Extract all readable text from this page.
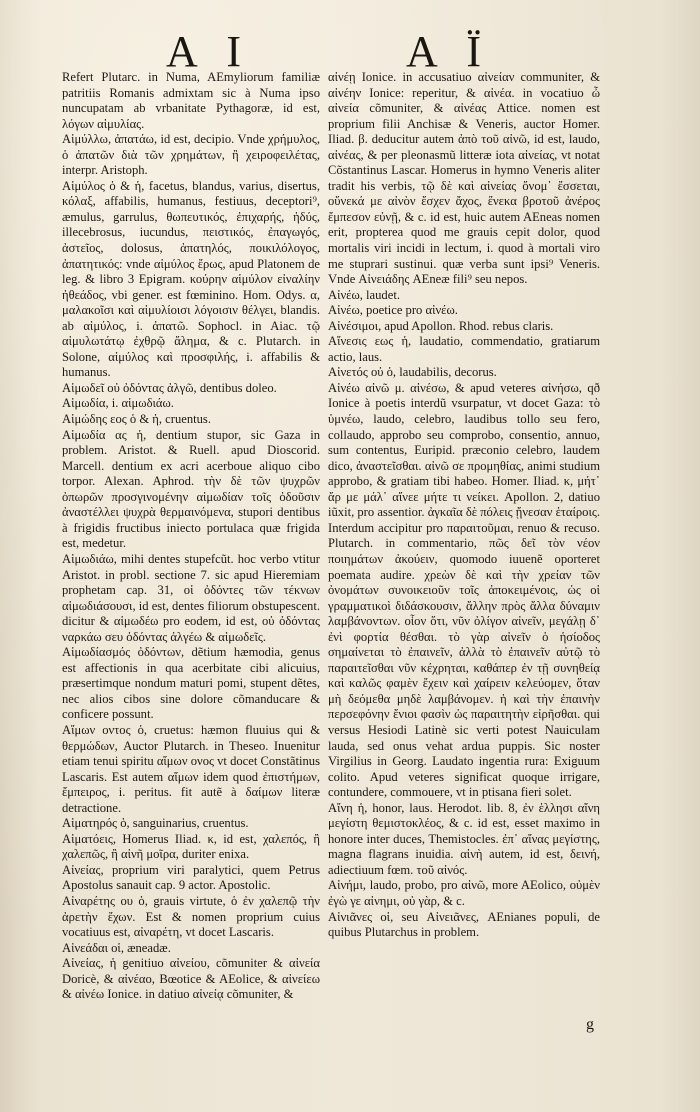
A I	A Ï

Refert Plutarc. in Numa, AEmyliorum familiæ patritiis Romanis admixtam sic à Numa ipso nuncupatam ab vrbanitate Pythagoræ, id est, λόγων αἱμυλίας.

Αἱμύλλω, ἀπατάω, id est, decipio. Vnde χρήμυλος, ὁ ἀπατῶν διὰ τῶν χρημάτων, ἢ χειροφειλέτας, interpr. Aristoph.

Αἱμύλος ὁ & ἡ, facetus, blandus, varius, disertus, κόλαξ, affabilis, humanus, festiuus, deceptori⁹, æmulus, garrulus, θωπευτικός, ἐπιχαρής, ἡδύς, illecebrosus, iucundus, πειστικός, ἐπαγωγός, ἀστεῖος, dolosus, ἀπατηλός, ποικιλόλογος, ἀπατητικός: vnde αἱμύλος ἔρως, apud Platonem de leg. & libro 3 Epigram. κούρην αἱμύλον εἰναλίην ἠθεάδος, vbi gener. est fœminino. Hom. Odys. α, μαλακοῖσι καὶ αἱμυλίοισι λόγοισιν θέλγει, blandis. ab αἱμύλος, i. ἀπατῶ. Sophocl. in Aiac. τῷ αἱμυλωτάτῳ ἐχθρῷ ἄλημα, & c. Plutarch. in Solone, αἱμύλος καὶ προσφιλής, i. affabilis & humanus.

Αἱμωδεῖ οὐ ὀδόντας ἀλγῶ, dentibus doleo.

Αἱμωδία, i. αἱμωδιάω.

Αἱμώδης εος ὁ & ἡ, cruentus.

Αἱμωδία ας ἡ, dentium stupor, sic Gaza in problem. Aristot. & Ruell. apud Dioscorid. Marcell. dentium ex acri acerboue aliquo cibo torpor. Alexan. Aphrod. τὴν δὲ τῶν ψυχρῶν ὀπωρῶν προσγινομένην αἱμωδίαν τοῖς ὀδοῦσιν ἀναστέλλει ψυχρὰ θερμαινόμενα, stupori dentibus à frigidis fructibus iniecto portulaca quæ frigida est, medetur.

Αἱμωδιάω, mihi dentes stupefcũt. hoc verbo vtitur Aristot. in probl. sectione 7. sic apud Hieremiam prophetam cap. 31, οἱ ὀδόντες τῶν τέκνων αἱμωδιάσουσι, id est, dentes filiorum obstupescent. dicitur & αἱμωδέω pro eodem, id est, οὐ ὀδόντας ναρκάω σευ ὀδόντας ἀλγέω & αἱμωδεῖς.

Αἱμωδίασμός ὀδόντων, dẽtium hæmodia, genus est affectionis in qua acerbitate cibi alicuius, præsertimque nondum maturi pomi, stupent dẽtes, nec alios cibos sine dolore cõmanducare & conficere possunt.

Αἵμων οντος ὁ, cruetus: hæmon fluuius qui & θερμώδων, Auctor Plutarch. in Theseo. Inuenitur etiam tenui spiritu αἵμων ονος vt docet Constãtinus Lascaris. Est autem αἵμων idem quod ἐπιστήμων, ἔμπειρος, i. peritus. fit autẽ à δαίμων literæ detractione.

Αἱματηρός ὁ, sanguinarius, cruentus.

Αἱματόεις, Homerus Iliad. κ, id est, χαλεπός, ἢ χαλεπῶς, ἢ αἰνῆ μοῖρα, duriter enixa.

Αἰνείας, proprium viri paralytici, quem Petrus Apostolus sanauit cap. 9 actor. Apostolic.

Αἰναρέτης ου ὁ, grauis virtute, ὁ ἐν χαλεπῷ τὴν ἀρετὴν ἔχων. Est & nomen proprium cuius vocatiuus est, αἰναρέτη, vt docet Lascaris.

Αἰνεάδαι οἱ, æneadæ.

Αἰνείας, ἡ genitiuo αἰνείου, cõmuniter & αἰνεία Doricè, & αἰνέαο, Bœotice & AEolice, & αἰνείεω & αἰνέω Ionice. in datiuo αἰνείᾳ cõmuniter, &

αἰνέῃ Ionice. in accusatiuo αἰνείαν communiter, & αἰνέην Ionice: reperitur, & αἰνέα. in vocatiuo ὦ αἰνεία cõmuniter, & αἰνέας Attice. nomen est proprium filii Anchisæ & Veneris, auctor Homer. Iliad. β. deducitur autem ἀπὸ τοῦ αἰνῶ, id est, laudo, αἰνέας, & per pleonasmũ litteræ iota αἰνείας, vt notat Cõstantinus Lascar. Homerus in hymno Veneris aliter tradit his verbis, τῷ δὲ καὶ αἰνείας ὄνομ᾽ ἔσσεται, οὕνεκά με αἰνὸν ἔσχεν ἄχος, ἕνεκα βροτοῦ ἀνέρος ἔμπεσον εὐνῇ, & c. id est, huic autem AEneas nomen erit, propterea quod me grauis cepit dolor, quod mortalis viri incidi in lectum, i. quod à mortali viro me stuprari sustinui. quæ verba sunt ipsi⁹ Veneris. Vnde Αἰνειάδης AEneæ fili⁹ seu nepos.

Αἰνέω, laudet.

Αἰνέω, poetice pro αἰνέω.

Αἰνέσιμοι, apud Apollon. Rhod. rebus claris.

Αἴνεσις εως ἡ, laudatio, commendatio, gratiarum actio, laus.

Αἰνετός οὐ ὁ, laudabilis, decorus.

Αἰνέω αἰνῶ μ. αἰνέσω, & apud veteres αἰνήσω, qð Ionice à poetis interdũ vsurpatur, vt docet Gaza: τὸ ὑμνέω, laudo, celebro, laudibus tollo seu fero, collaudo, approbo seu comprobo, consentio, annuo, sum contentus, Euripid. præconio celebro, laudem dico, ἀναστεῖσθαι. αἰνῶ σε προμηθίας, animi studium approbo, & gratiam tibi habeo. Homer. Iliad. κ, μήτ᾽ ἄρ με μάλ᾽ αἴνεε μήτε τι νείκει. Apollon. 2, datiuo iũxit, pro assentior. ἀγκαῖα δὲ πόλεις ᾔνεσαν ἑταίροις. Interdum accipitur pro παραιτοῦμαι, renuo & recuso. Plutarch. in commentario, πῶς δεῖ τὸν νέον ποιημάτων ἀκούειν, quomodo iuuenẽ oporteret poemata audire. χρεὼν δὲ καὶ τὴν χρείαν τῶν ὀνομάτων συνοικειοῦν τοῖς ἀποκειμένοις, ὡς οἱ γραμματικοὶ διδάσκουσιν, ἄλλην πρὸς ἄλλα δύναμιν λαμβάνοντων. οἷον ὅτι, νῦν ὀλίγον αἰνεῖν, μεγάλῃ δ᾽ ἐνὶ φορτία θέσθαι. τὸ γὰρ αἰνεῖν ὁ ἡσίοδος σημαίνεται τὸ ἐπαινεῖν, ἀλλὰ τὸ ἐπαινεῖν αὐτῷ τὸ παραιτεῖσθαι νῦν κέχρηται, καθάπερ ἐν τῇ συνηθείᾳ καὶ καλῶς φαμὲν ἔχειν καὶ χαίρειν κελεύομεν, ὅταν μὴ δεόμεθα μηδὲ λαμβάνομεν. ἡ καὶ τὴν ἐπαινὴν περσεφόνην ἔνιοι φασὶν ὡς παραιτητὴν εἰρῆσθαι. qui versus Hesiodi Latinè sic verti potest Nauiculam lauda, sed onus vehat ardua puppis. Sic noster Virgilius in Georg. Laudato ingentia rura: Exiguum colito. Apud veteres significat quoque irrigare, contundere, commouere, vt in ptisana fieri solet.

Αἴνη ἡ, honor, laus. Herodot. lib. 8, ἐν ἑλλησι αἴνη μεγίστη θεμιστοκλέος, & c. id est, esset maximo in honore inter duces, Themistocles. ἐπ᾽ αἴνας μεγίστης, magna flagrans inuidia. αἰνὴ autem, id est, δεινή, adiectiuum fœm. τοῦ αἰνός.

Αἰνήμι, laudo, probo, pro αἰνῶ, more AEolico, οὐμὲν ἐγὼ γε αἰνημι, οὐ γὰρ, & c.

Αἰνιᾶνες οἱ, seu Αἰνειᾶνες, AEnianes populi, de quibus Plutarchus in problem.

g
